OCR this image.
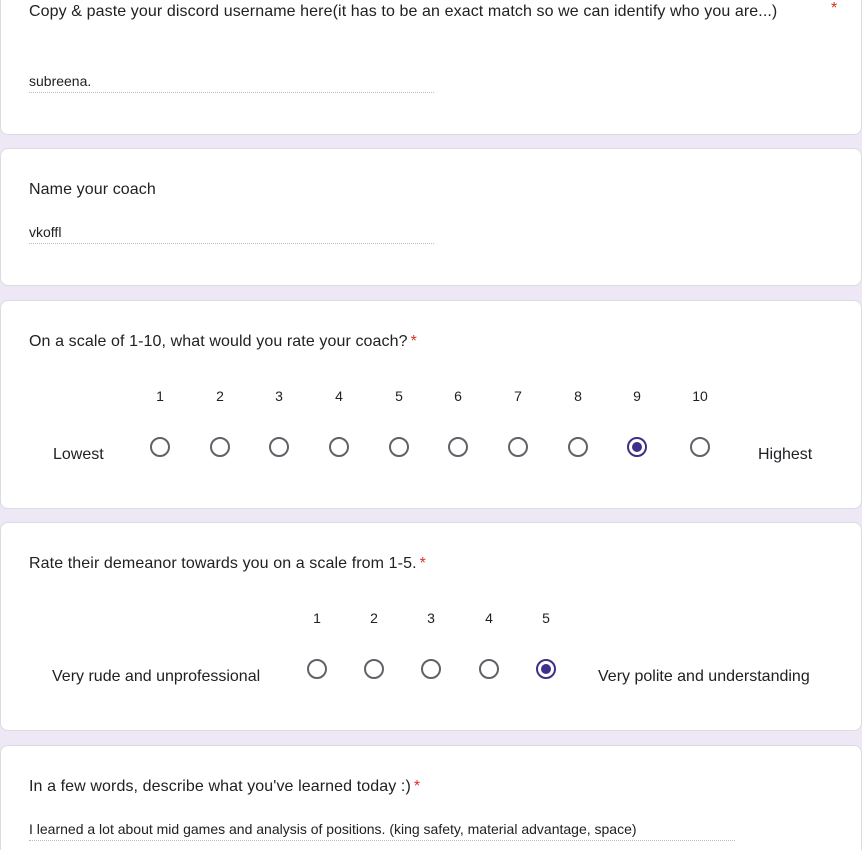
Copy & paste your discord username here(it has to be an exact match so we can identify who you are...)	*
subreena.
Name your coach
vkoffl
On a scale of 1-10, what would you rate your coach? *
1	2	3	4	5	6	7	8	9	10
Lowest	Highest
Rate their demeanor towards you on a scale from 1-5. *
1	2	3	4	5
Very rude and unprofessional	Very polite and understanding
In a few words, describe what you've learned today :) *
I learned a lot about mid games and analysis of positions. (king safety, material advantage, space)
